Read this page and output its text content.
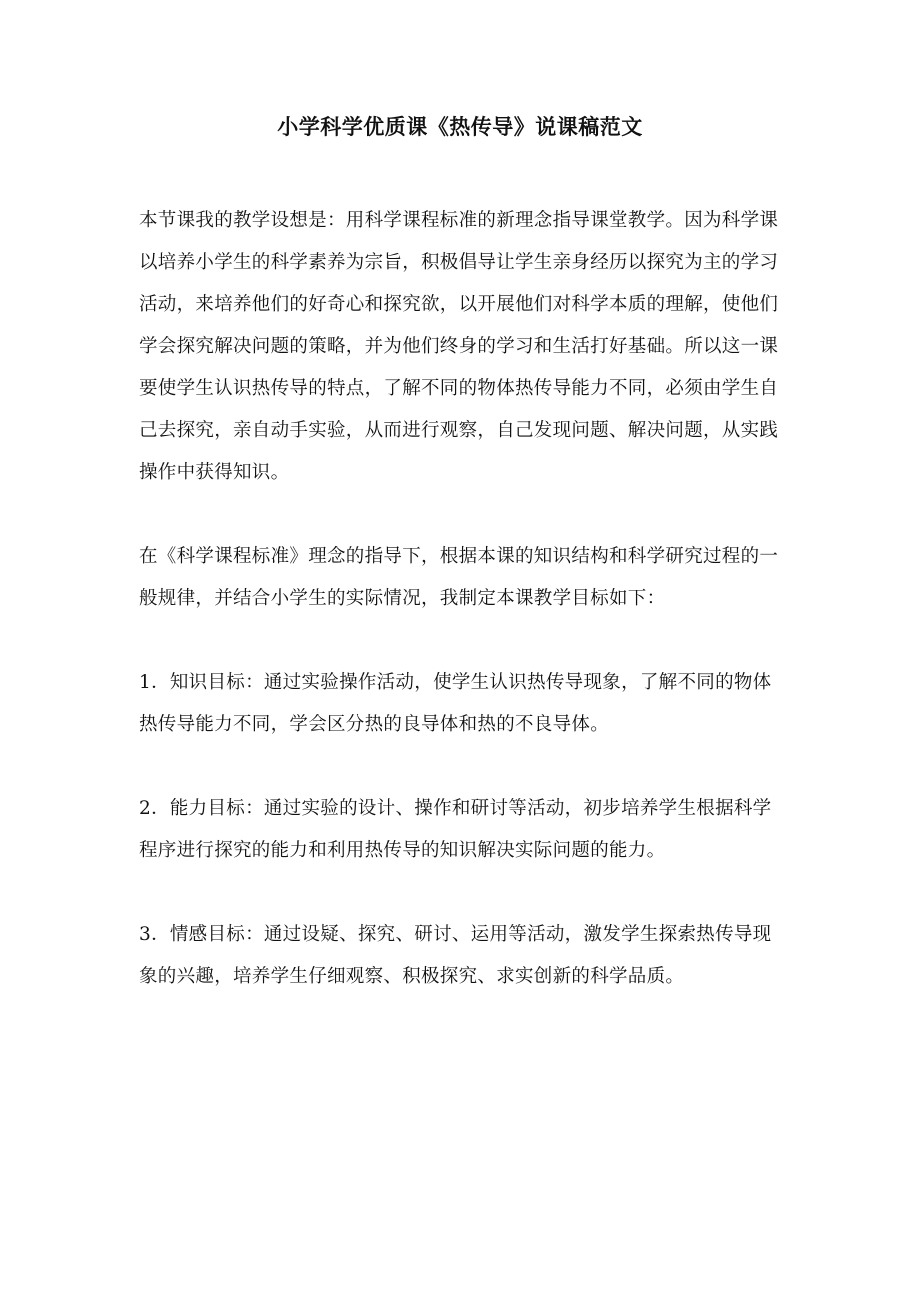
小学科学优质课《热传导》说课稿范文

本节课我的教学设想是：用科学课程标准的新理念指导课堂教学。因为科学课以培养小学生的科学素养为宗旨，积极倡导让学生亲身经历以探究为主的学习活动，来培养他们的好奇心和探究欲，以开展他们对科学本质的理解，使他们学会探究解决问题的策略，并为他们终身的学习和生活打好基础。所以这一课要使学生认识热传导的特点，了解不同的物体热传导能力不同，必须由学生自己去探究，亲自动手实验，从而进行观察，自己发现问题、解决问题，从实践操作中获得知识。

在《科学课程标准》理念的指导下，根据本课的知识结构和科学研究过程的一般规律，并结合小学生的实际情况，我制定本课教学目标如下：

1．知识目标：通过实验操作活动，使学生认识热传导现象，了解不同的物体热传导能力不同，学会区分热的良导体和热的不良导体。

2．能力目标：通过实验的设计、操作和研讨等活动，初步培养学生根据科学程序进行探究的能力和利用热传导的知识解决实际问题的能力。

3．情感目标：通过设疑、探究、研讨、运用等活动，激发学生探索热传导现象的兴趣，培养学生仔细观察、积极探究、求实创新的科学品质。
